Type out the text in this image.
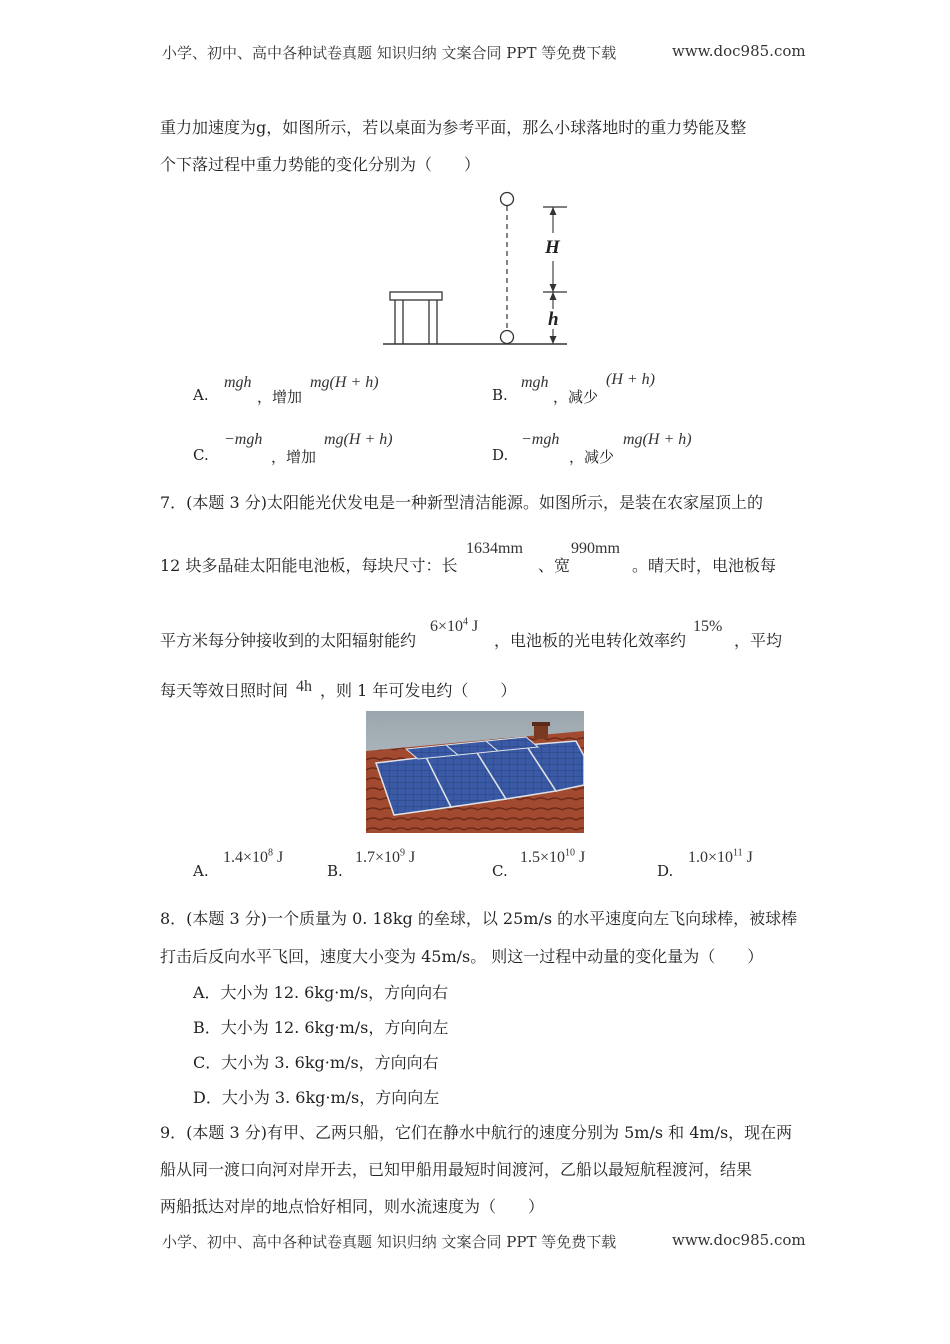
小学、初中、高中各种试卷真题 知识归纳 文案合同 PPT 等免费下载	www.doc985.com
重力加速度为g，如图所示，若以桌面为参考平面，那么小球落地时的重力势能及整
个下落过程中重力势能的变化分别为（　　）
H
h
A.
mgh
，增加
mg(H + h)
B.
mgh
，减少
(H + h)
C.
−mgh
，增加
mg(H + h)
D.
−mgh
，减少
mg(H + h)
7．(本题 3 分)太阳能光伏发电是一种新型清洁能源。如图所示，是装在农家屋顶上的
12 块多晶硅太阳能电池板，每块尺寸：长
1634mm
、宽
990mm
。晴天时，电池板每
平方米每分钟接收到的太阳辐射能约
$6\times 10^4$ J
，电池板的光电转化效率约
15%
，平均
每天等效日照时间 4h ，则 1 年可发电约（　　）
A.
$1.4\times 10^8$ J
B.
$1.7\times 10^9$ J
C.
$1.5\times 10^{10}$ J
D.
$1.0\times 10^{11}$ J
8．(本题 3 分)一个质量为 0. 18kg 的垒球，以 25m/s 的水平速度向左飞向球棒，被球棒
打击后反向水平飞回，速度大小变为 45m/s。 则这一过程中动量的变化量为（　　）
A．大小为 12. 6kg·m/s，方向向右
B．大小为 12. 6kg·m/s，方向向左
C．大小为 3. 6kg·m/s，方向向右
D．大小为 3. 6kg·m/s，方向向左
9．(本题 3 分)有甲、乙两只船，它们在静水中航行的速度分别为 5m/s 和 4m/s，现在两
船从同一渡口向河对岸开去，已知甲船用最短时间渡河，乙船以最短航程渡河，结果
两船抵达对岸的地点恰好相同，则水流速度为（　　）
小学、初中、高中各种试卷真题 知识归纳 文案合同 PPT 等免费下载	www.doc985.com
